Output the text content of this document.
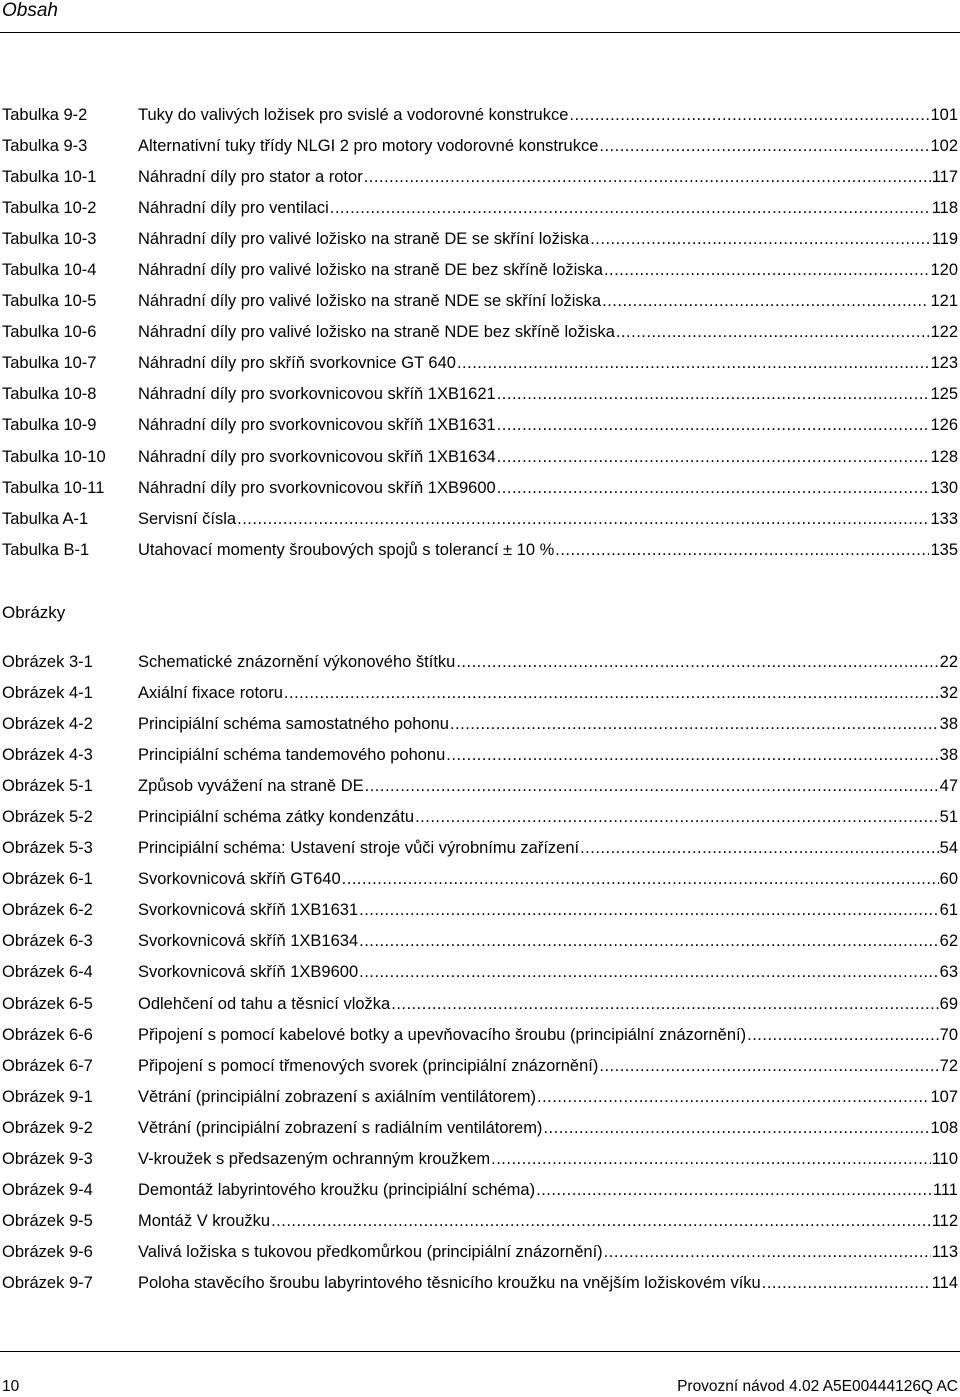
Obsah
Tabulka 9-2	Tuky do valivých ložisek pro svislé a vodorovné konstrukce .....	101
Tabulka 9-3	Alternativní tuky třídy NLGI 2 pro motory vodorovné konstrukce .....	102
Tabulka 10-1	Náhradní díly pro stator a rotor .....	117
Tabulka 10-2	Náhradní díly pro ventilaci .....	118
Tabulka 10-3	Náhradní díly pro valivé ložisko na straně DE se skříní ložiska .....	119
Tabulka 10-4	Náhradní díly pro valivé ložisko na straně DE bez skříně ložiska .....	120
Tabulka 10-5	Náhradní díly pro valivé ložisko na straně NDE se skříní ložiska .....	121
Tabulka 10-6	Náhradní díly pro valivé ložisko na straně NDE bez skříně ložiska .....	122
Tabulka 10-7	Náhradní díly pro skříň svorkovnice GT 640 .....	123
Tabulka 10-8	Náhradní díly pro svorkovnicovou skříň 1XB1621 .....	125
Tabulka 10-9	Náhradní díly pro svorkovnicovou skříň 1XB1631 .....	126
Tabulka 10-10 Náhradní díly pro svorkovnicovou skříň 1XB1634 .....	128
Tabulka 10-11 Náhradní díly pro svorkovnicovou skříň 1XB9600 .....	130
Tabulka A-1	Servisní čísla .....	133
Tabulka B-1	Utahovací momenty šroubových spojů s tolerancí ± 10 % .....	135
Obrázky
Obrázek 3-1	Schematické znázornění výkonového štítku .....	22
Obrázek 4-1	Axiální fixace rotoru .....	32
Obrázek 4-2	Principiální schéma samostatného pohonu .....	38
Obrázek 4-3	Principiální schéma tandemového pohonu .....	38
Obrázek 5-1	Způsob vyvážení na straně DE .....	47
Obrázek 5-2	Principiální schéma zátky kondenzátu .....	51
Obrázek 5-3	Principiální schéma: Ustavení stroje vůči výrobnímu zařízení .....	54
Obrázek 6-1	Svorkovnicová skříň GT640 .....	60
Obrázek 6-2	Svorkovnicová skříň 1XB1631 .....	61
Obrázek 6-3	Svorkovnicová skříň 1XB1634 .....	62
Obrázek 6-4	Svorkovnicová skříň 1XB9600 .....	63
Obrázek 6-5	Odlehčení od tahu a těsnicí vložka .....	69
Obrázek 6-6	Připojení s pomocí kabelové botky a upevňovacího šroubu (principiální znázornění) .....	70
Obrázek 6-7	Připojení s pomocí třmenových svorek (principiální znázornění) .....	72
Obrázek 9-1	Větrání (principiální zobrazení s axiálním ventilátorem) .....	107
Obrázek 9-2	Větrání (principiální zobrazení s radiálním ventilátorem) .....	108
Obrázek 9-3	V-kroužek s předsazeným ochranným kroužkem .....	110
Obrázek 9-4	Demontáž labyrintového kroužku (principiální schéma) .....	111
Obrázek 9-5	Montáž V kroužku .....	112
Obrázek 9-6	Valivá ložiska s tukovou předkomůrkou (principiální znázornění) .....	113
Obrázek 9-7	Poloha stavěcího šroubu labyrintového těsnicího kroužku na vnějším ložiskovém víku .....	114
10	Provozní návod 4.02 A5E00444126Q AC
